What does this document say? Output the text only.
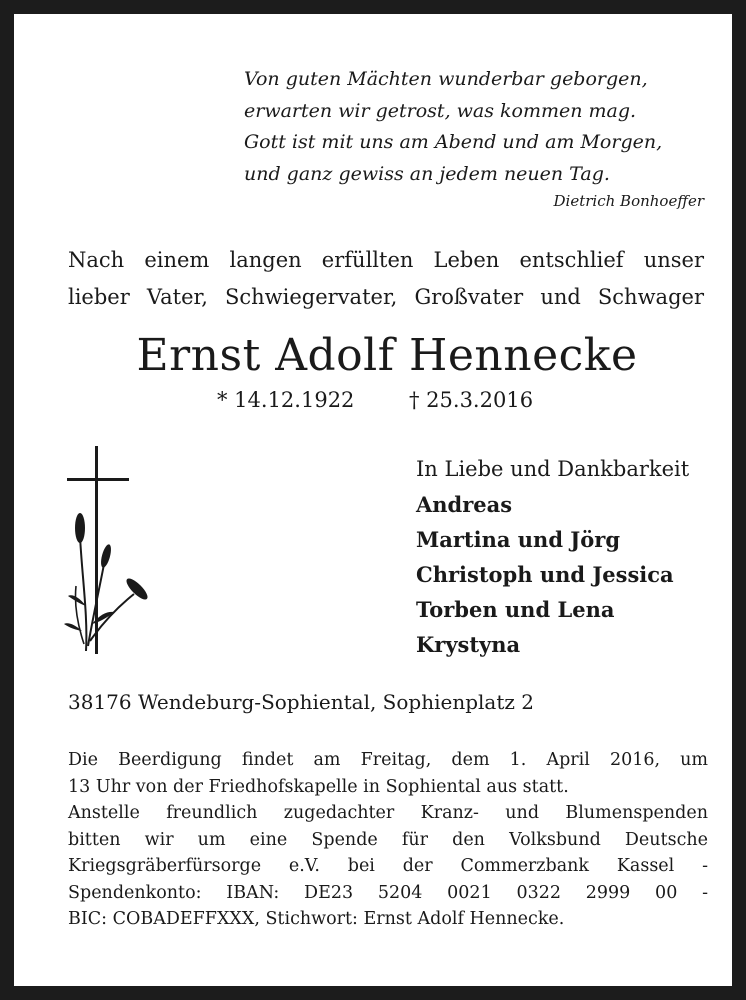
Von guten Mächten wunderbar geborgen,
erwarten wir getrost, was kommen mag.
Gott ist mit uns am Abend und am Morgen,
und ganz gewiss an jedem neuen Tag.
Dietrich Bonhoeffer
Nach einem langen erfüllten Leben entschlief unser
lieber Vater, Schwiegervater, Großvater und Schwager
Ernst Adolf Hennecke
* 14.12.1922	† 25.3.2016
In Liebe und Dankbarkeit
Andreas
Martina und Jörg
Christoph und Jessica
Torben und Lena
Krystyna
38176 Wendeburg-Sophiental, Sophienplatz 2
Die Beerdigung findet am Freitag, dem 1. April 2016, um
13 Uhr von der Friedhofskapelle in Sophiental aus statt.
Anstelle freundlich zugedachter Kranz- und Blumenspenden
bitten wir um eine Spende für den Volksbund Deutsche
Kriegsgräberfürsorge e.V. bei der Commerzbank Kassel -
Spendenkonto: IBAN: DE23 5204 0021 0322 2999 00 -
BIC: COBADEFFXXX, Stichwort: Ernst Adolf Hennecke.
